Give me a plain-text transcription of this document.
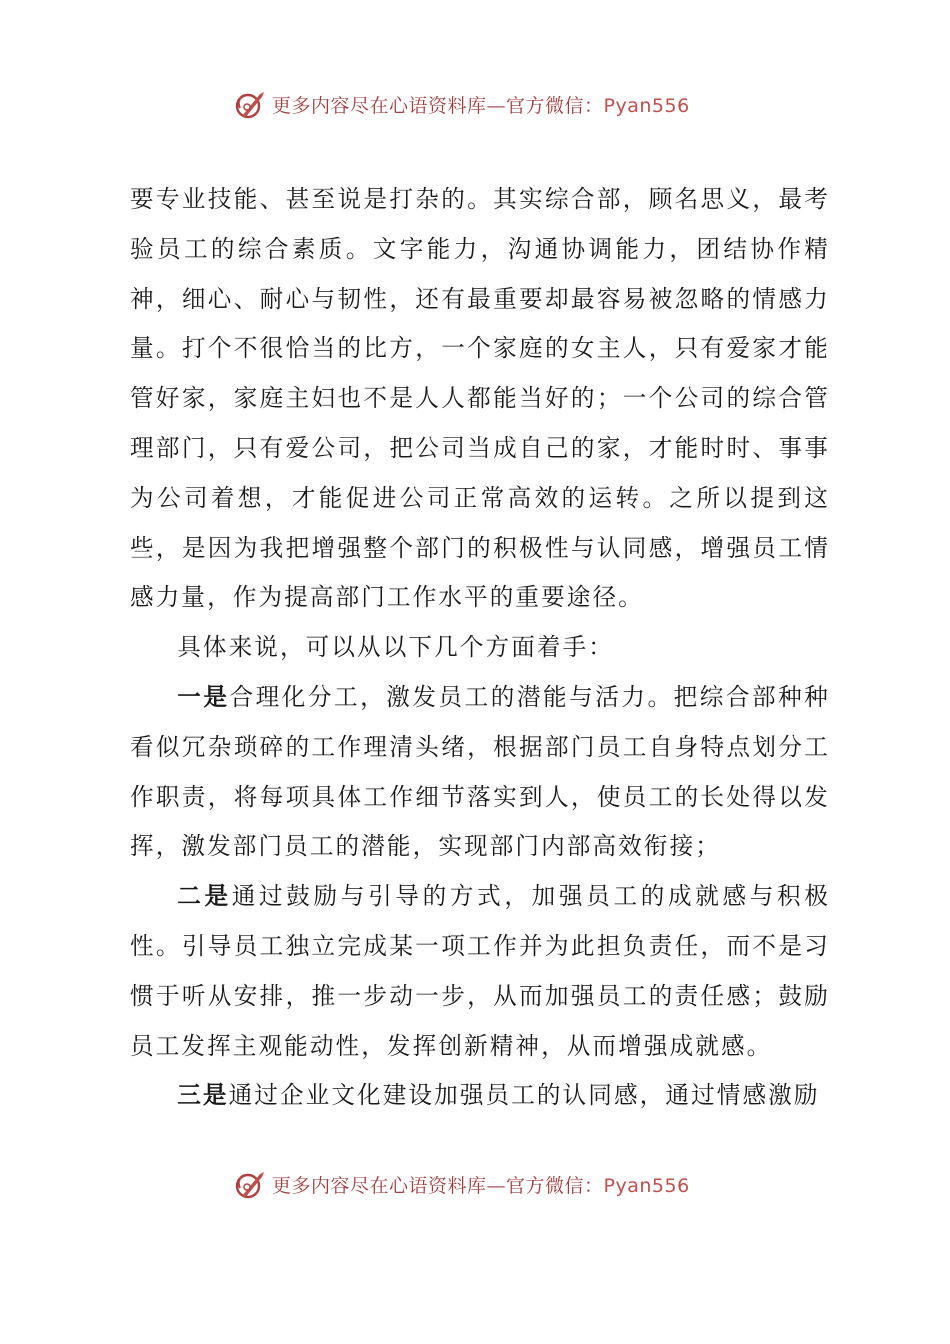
更多内容尽在心语资料库—官方微信：Pyan556

要专业技能、甚至说是打杂的。其实综合部，顾名思义，最考验员工的综合素质。文字能力，沟通协调能力，团结协作精神，细心、耐心与韧性，还有最重要却最容易被忽略的情感力量。打个不很恰当的比方，一个家庭的女主人，只有爱家才能管好家，家庭主妇也不是人人都能当好的；一个公司的综合管理部门，只有爱公司，把公司当成自己的家，才能时时、事事为公司着想，才能促进公司正常高效的运转。之所以提到这些，是因为我把增强整个部门的积极性与认同感，增强员工情感力量，作为提高部门工作水平的重要途径。

具体来说，可以从以下几个方面着手：

一是合理化分工，激发员工的潜能与活力。把综合部种种看似冗杂琐碎的工作理清头绪，根据部门员工自身特点划分工作职责，将每项具体工作细节落实到人，使员工的长处得以发挥，激发部门员工的潜能，实现部门内部高效衔接；

二是通过鼓励与引导的方式，加强员工的成就感与积极性。引导员工独立完成某一项工作并为此担负责任，而不是习惯于听从安排，推一步动一步，从而加强员工的责任感；鼓励员工发挥主观能动性，发挥创新精神，从而增强成就感。

三是通过企业文化建设加强员工的认同感，通过情感激励

更多内容尽在心语资料库—官方微信：Pyan556
